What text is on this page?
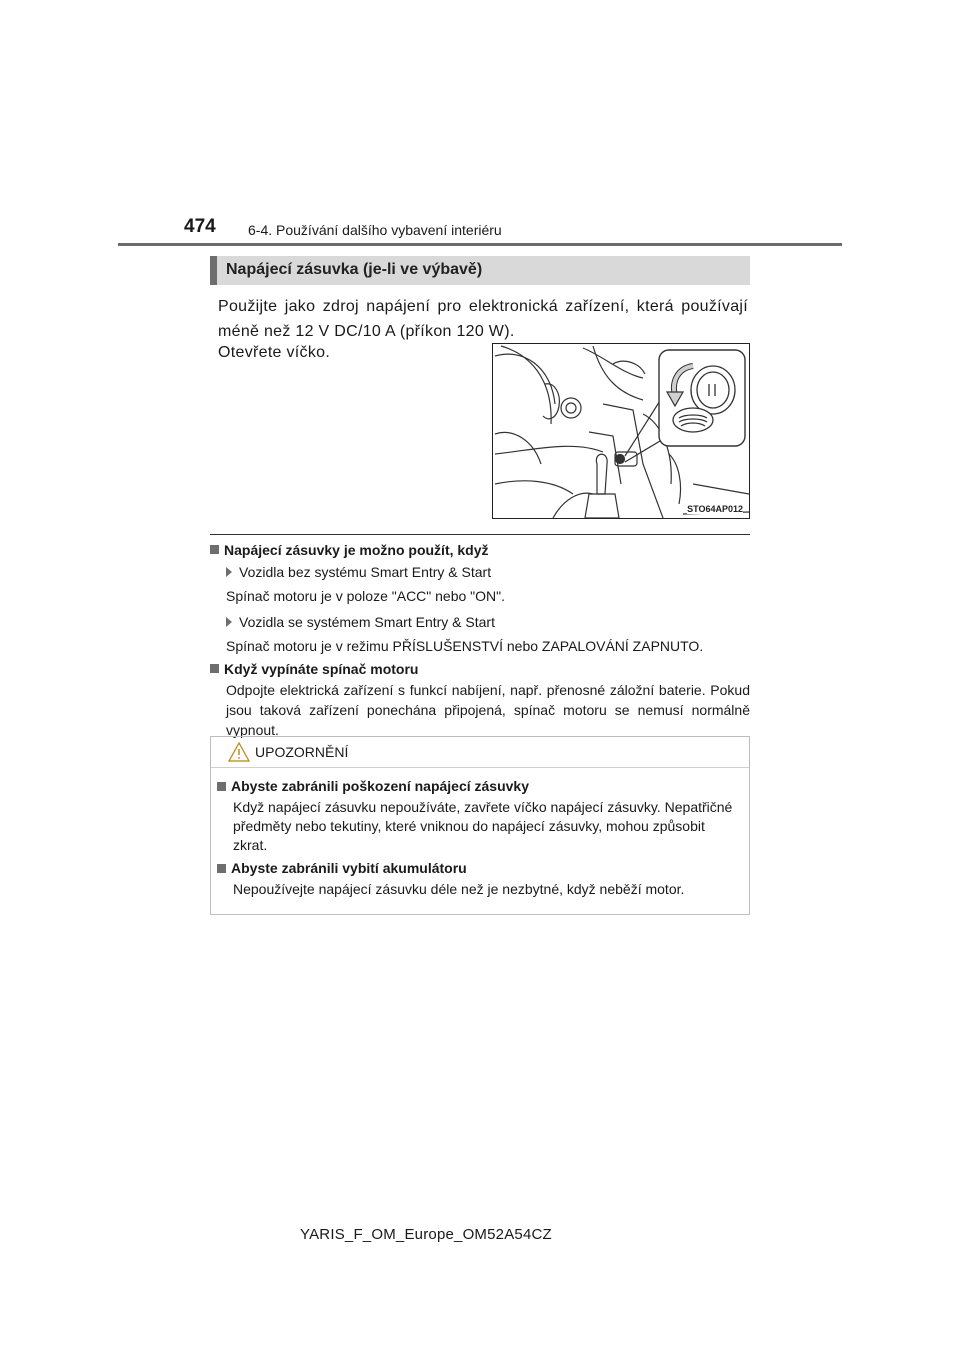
474 6-4. Používání dalšího vybavení interiéru
Napájecí zásuvka (je-li ve výbavě)
Použijte jako zdroj napájení pro elektronická zařízení, která používají méně než 12 V DC/10 A (příkon 120 W).
Otevřete víčko.
STO64AP012
Napájecí zásuvky je možno použít, když
Vozidla bez systému Smart Entry & Start
Spínač motoru je v poloze "ACC" nebo "ON".
Vozidla se systémem Smart Entry & Start
Spínač motoru je v režimu PŘÍSLUŠENSTVÍ nebo ZAPALOVÁNÍ ZAPNUTO.
Když vypínáte spínač motoru
Odpojte elektrická zařízení s funkcí nabíjení, např. přenosné záložní baterie. Pokud jsou taková zařízení ponechána připojená, spínač motoru se nemusí normálně vypnout.
UPOZORNĚNÍ
Abyste zabránili poškození napájecí zásuvky
Když napájecí zásuvku nepoužíváte, zavřete víčko napájecí zásuvky. Nepatřičné předměty nebo tekutiny, které vniknou do napájecí zásuvky, mohou způsobit zkrat.
Abyste zabránili vybití akumulátoru
Nepoužívejte napájecí zásuvku déle než je nezbytné, když neběží motor.
YARIS_F_OM_Europe_OM52A54CZ
